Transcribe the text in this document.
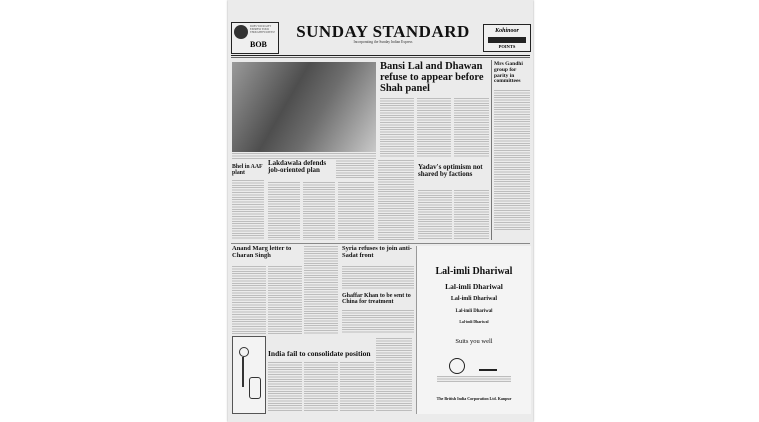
DOES YOUR GIFT EXPRESS YOUR THOUGHTFULNESS?
BOB
SUNDAY STANDARD
Incorporating the Sunday Indian Express
Kohinoor
POINTS
Bansi Lal and Dhawan refuse to appear before Shah panel
Mrs Gandhi group for parity in committees
Bhel in AAF plant
Lakdawala defends job-oriented plan	Yadav's optimism not shared by factions
Anand Marg letter to Charan Singh
Syria refuses to join anti-Sadat front
Ghaffar Khan to be sent to China for treatment
India fail to consolidate position
Lal-imli Dhariwal
Lal-imli Dhariwal
Lal-imli Dhariwal
Lal-imli Dhariwal
Lal-imli Dhariwal
Suits you well
The British India Corporation Ltd. Kanpur
